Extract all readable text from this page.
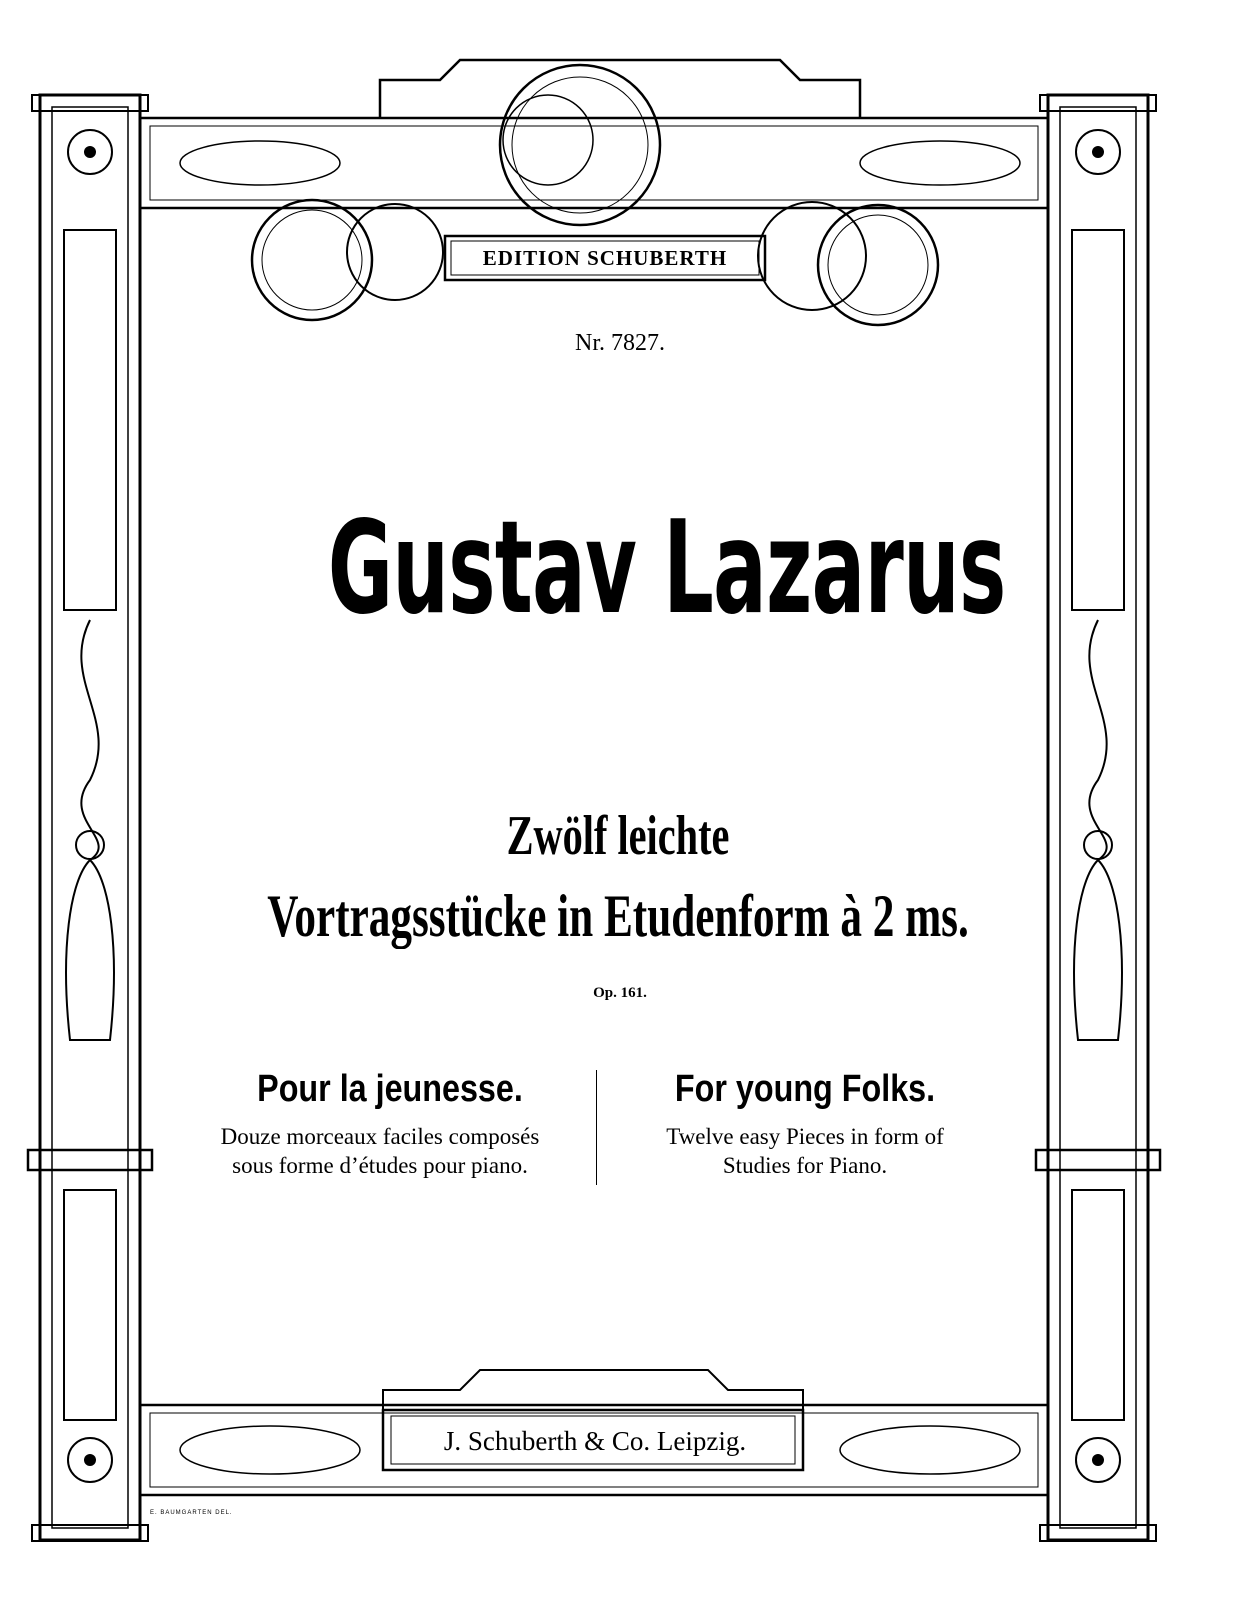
EDITION SCHUBERTH
Nr. 7827.
Gustav Lazarus
Zwölf leichte
Vortragsstücke in Etudenform à 2 ms.
Op. 161.
Pour la jeunesse.
Douze morceaux faciles composés
sous forme d’études pour piano.
For young Folks.
Twelve easy Pieces in form of
Studies for Piano.
J. Schuberth & Co. Leipzig.
E. BAUMGARTEN DEL.
